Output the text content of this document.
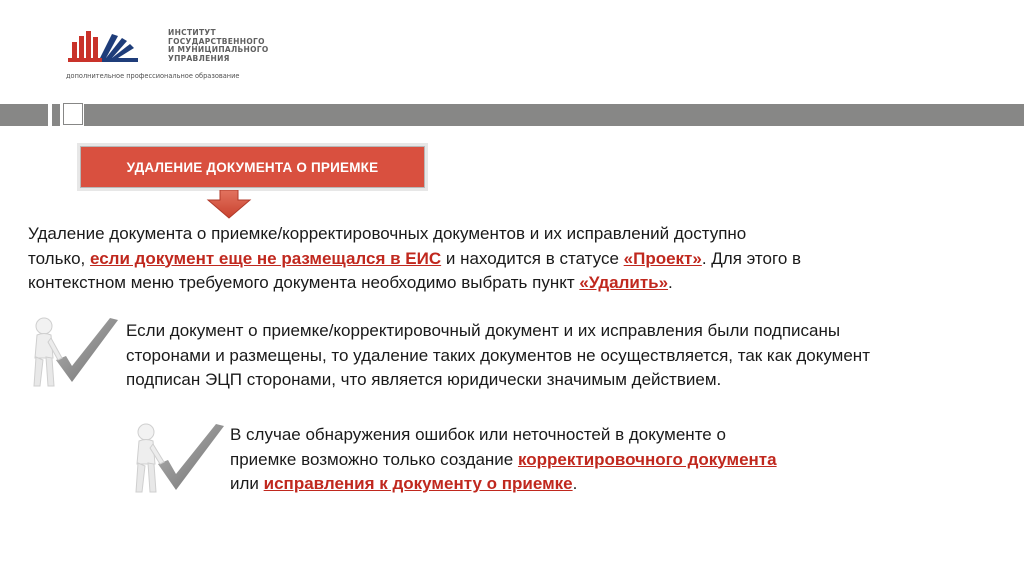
ИНСТИТУТ
ГОСУДАРСТВЕННОГО
И МУНИЦИПАЛЬНОГО
УПРАВЛЕНИЯ
дополнительное профессиональное образование
УДАЛЕНИЕ ДОКУМЕНТА О ПРИЕМКЕ
Удаление документа о приемке/корректировочных документов и их исправлений доступно
только, если документ еще не размещался в ЕИС и находится в статусе «Проект». Для этого в
контекстном меню требуемого документа необходимо выбрать пункт «Удалить».
Если документ о приемке/корректировочный документ и их исправления были подписаны
сторонами и размещены, то удаление таких документов не осуществляется, так как документ
подписан ЭЦП сторонами, что является юридически значимым действием.
В случае обнаружения ошибок или неточностей в документе о
приемке возможно только создание корректировочного документа
или исправления к документу о приемке.
